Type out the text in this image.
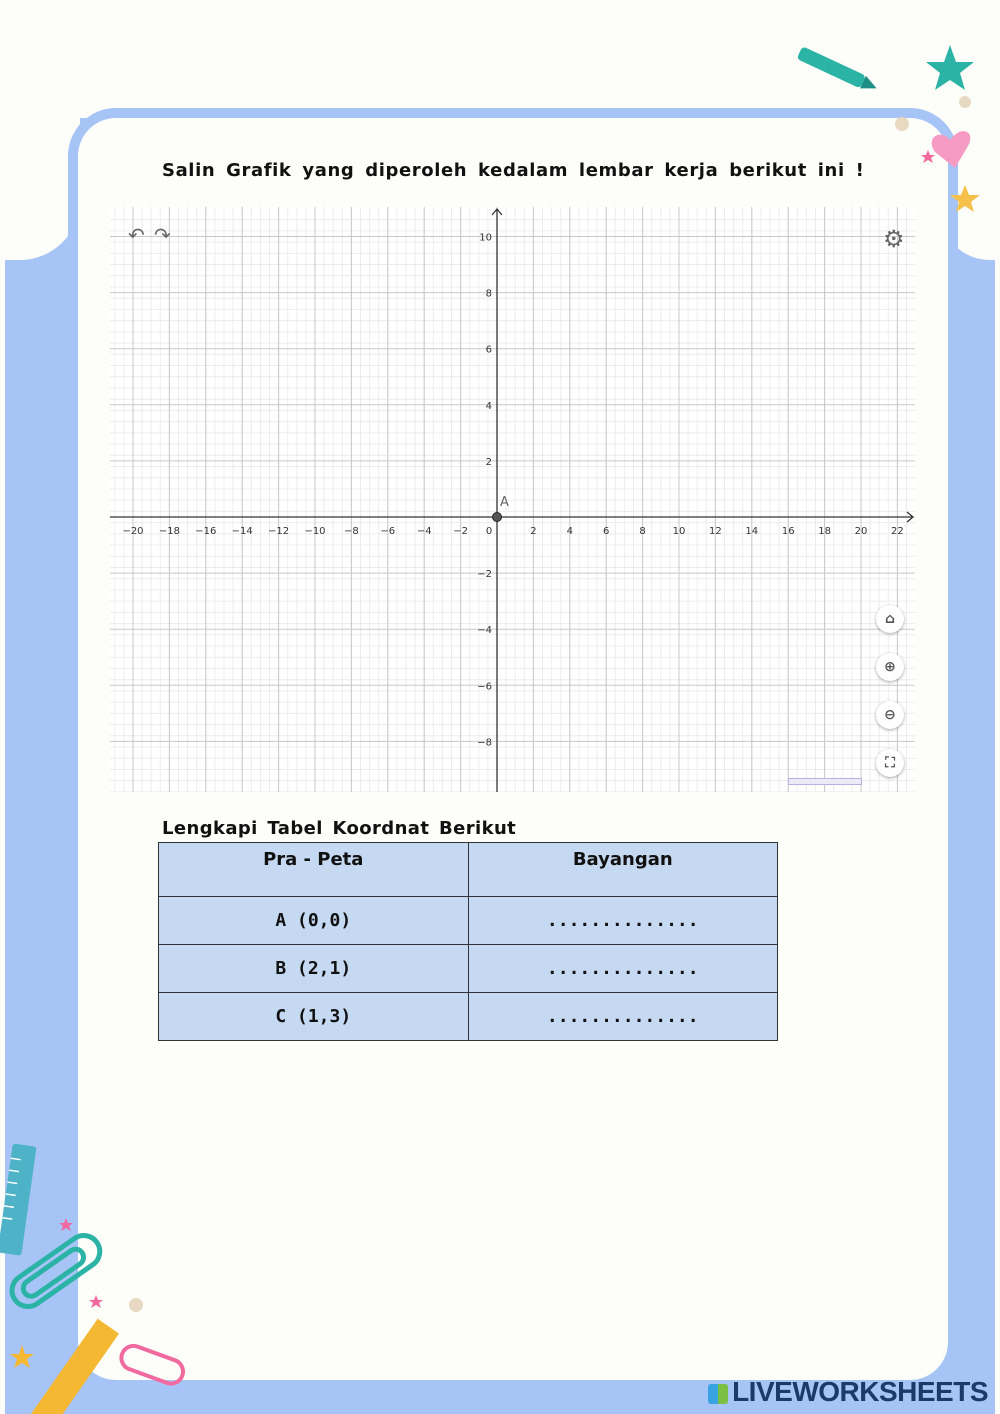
Salin Grafik yang diperoleh kedalam lembar kerja berikut ini !
−20 −18 −16 −14 −12 −10 −8 −6 −4 −2 0	2	4	6	8	10 12 14 16 18 20 22
10
8
6
4
2
−2
−4
−6
−8
A
↶ ↷	⚙
⌂
⊕
⊖
⛶
Lengkapi Tabel Koordnat Berikut
Pra - Peta	Bayangan
A (0,0)	..............
B (2,1)	..............
C (1,3)	..............
LIVEWORKSHEETS
